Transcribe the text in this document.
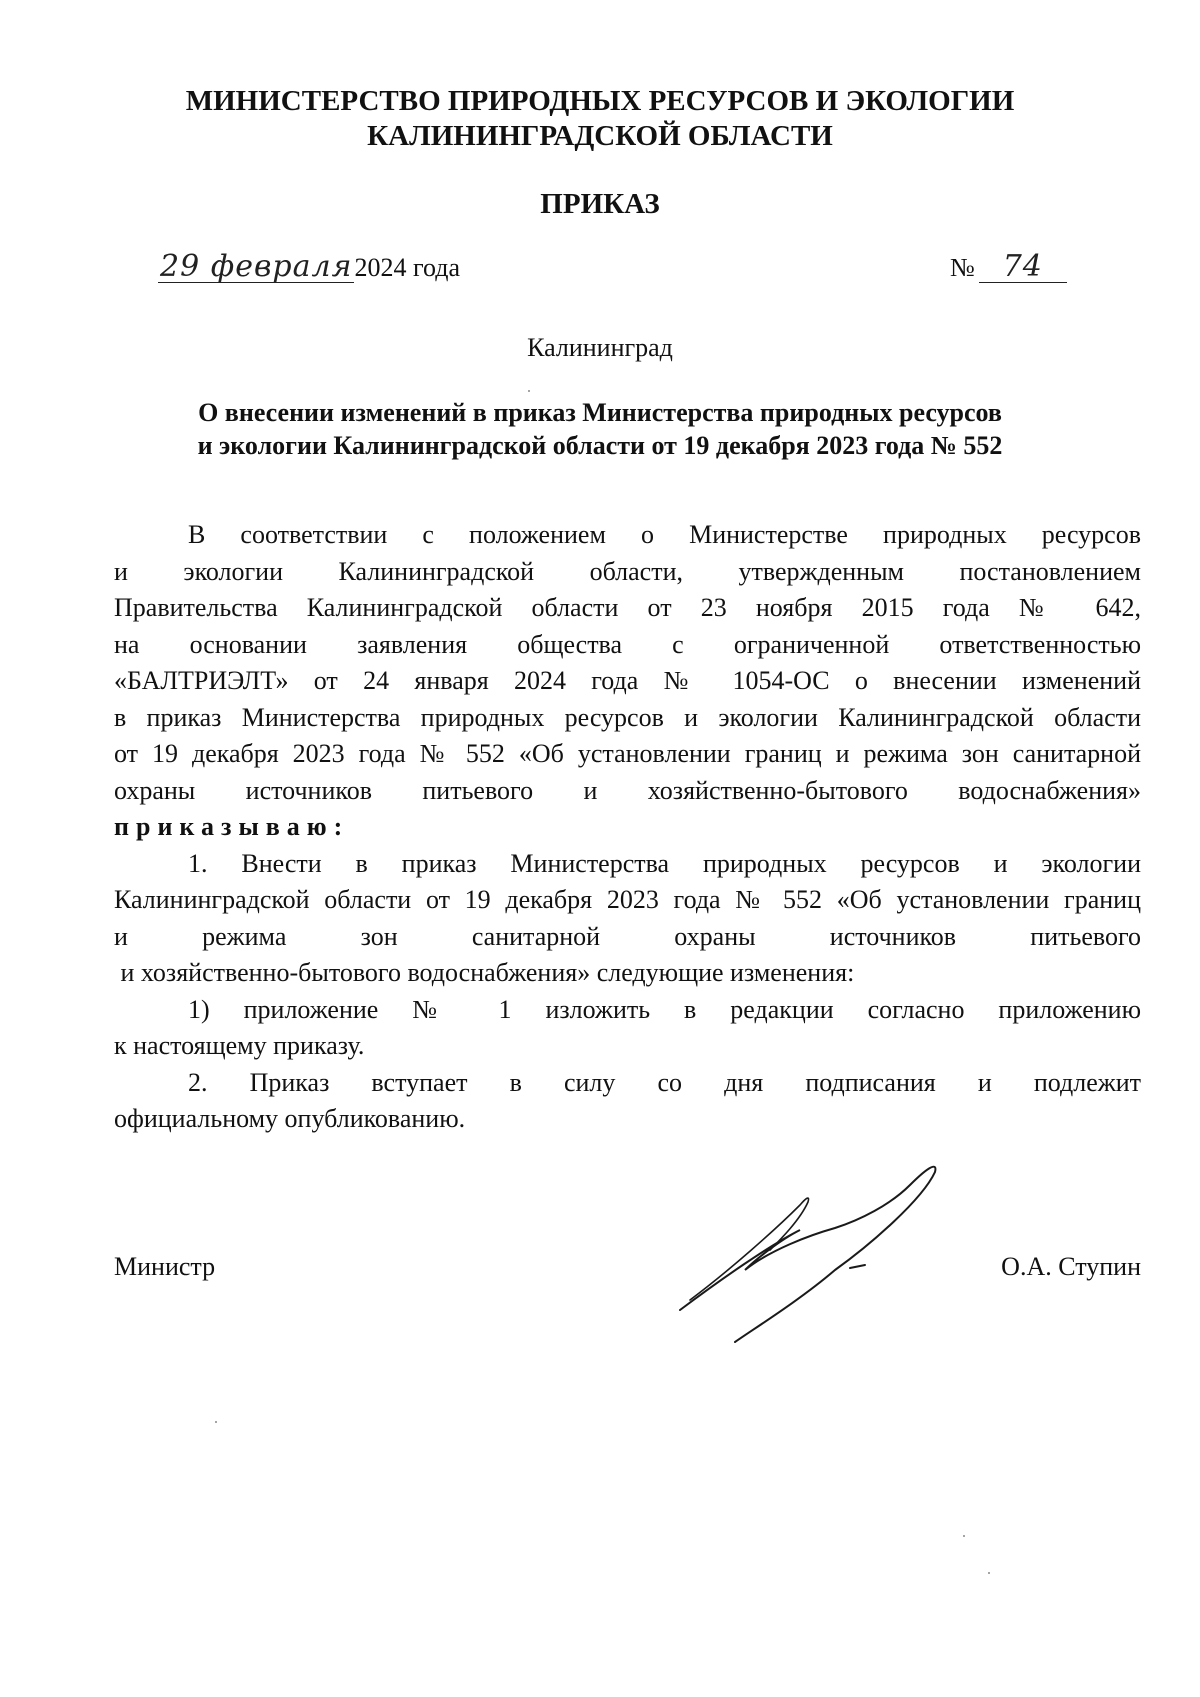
МИНИСТЕРСТВО ПРИРОДНЫХ РЕСУРСОВ И ЭКОЛОГИИ
КАЛИНИНГРАДСКОЙ ОБЛАСТИ
ПРИКАЗ
29 февраля2024 года	№ 74
Калининград
О внесении изменений в приказ Министерства природных ресурсов
и экологии Калининградской области от 19 декабря 2023 года № 552

В соответствии с положением о Министерстве природных ресурсов

и экологии Калининградской области, утвержденным постановлением

Правительства Калининградской области от 23 ноября 2015 года № 642,

на основании заявления общества с ограниченной ответственностью

«БАЛТРИЭЛТ» от 24 января 2024 года № 1054-ОС о внесении изменений

в приказ Министерства природных ресурсов и экологии Калининградской области

от 19 декабря 2023 года № 552 «Об установлении границ и режима зон санитарной

охраны источников питьевого и хозяйственно-бытового водоснабжения»

приказываю:

1. Внести в приказ Министерства природных ресурсов и экологии

Калининградской области от 19 декабря 2023 года № 552 «Об установлении границ

и режима зон санитарной охраны источников питьевого

и хозяйственно-бытового водоснабжения» следующие изменения:

1) приложение № 1 изложить в редакции согласно приложению

к настоящему приказу.

2. Приказ вступает в силу со дня подписания и подлежит

официальному опубликованию.

Министр	О.А. Ступин
